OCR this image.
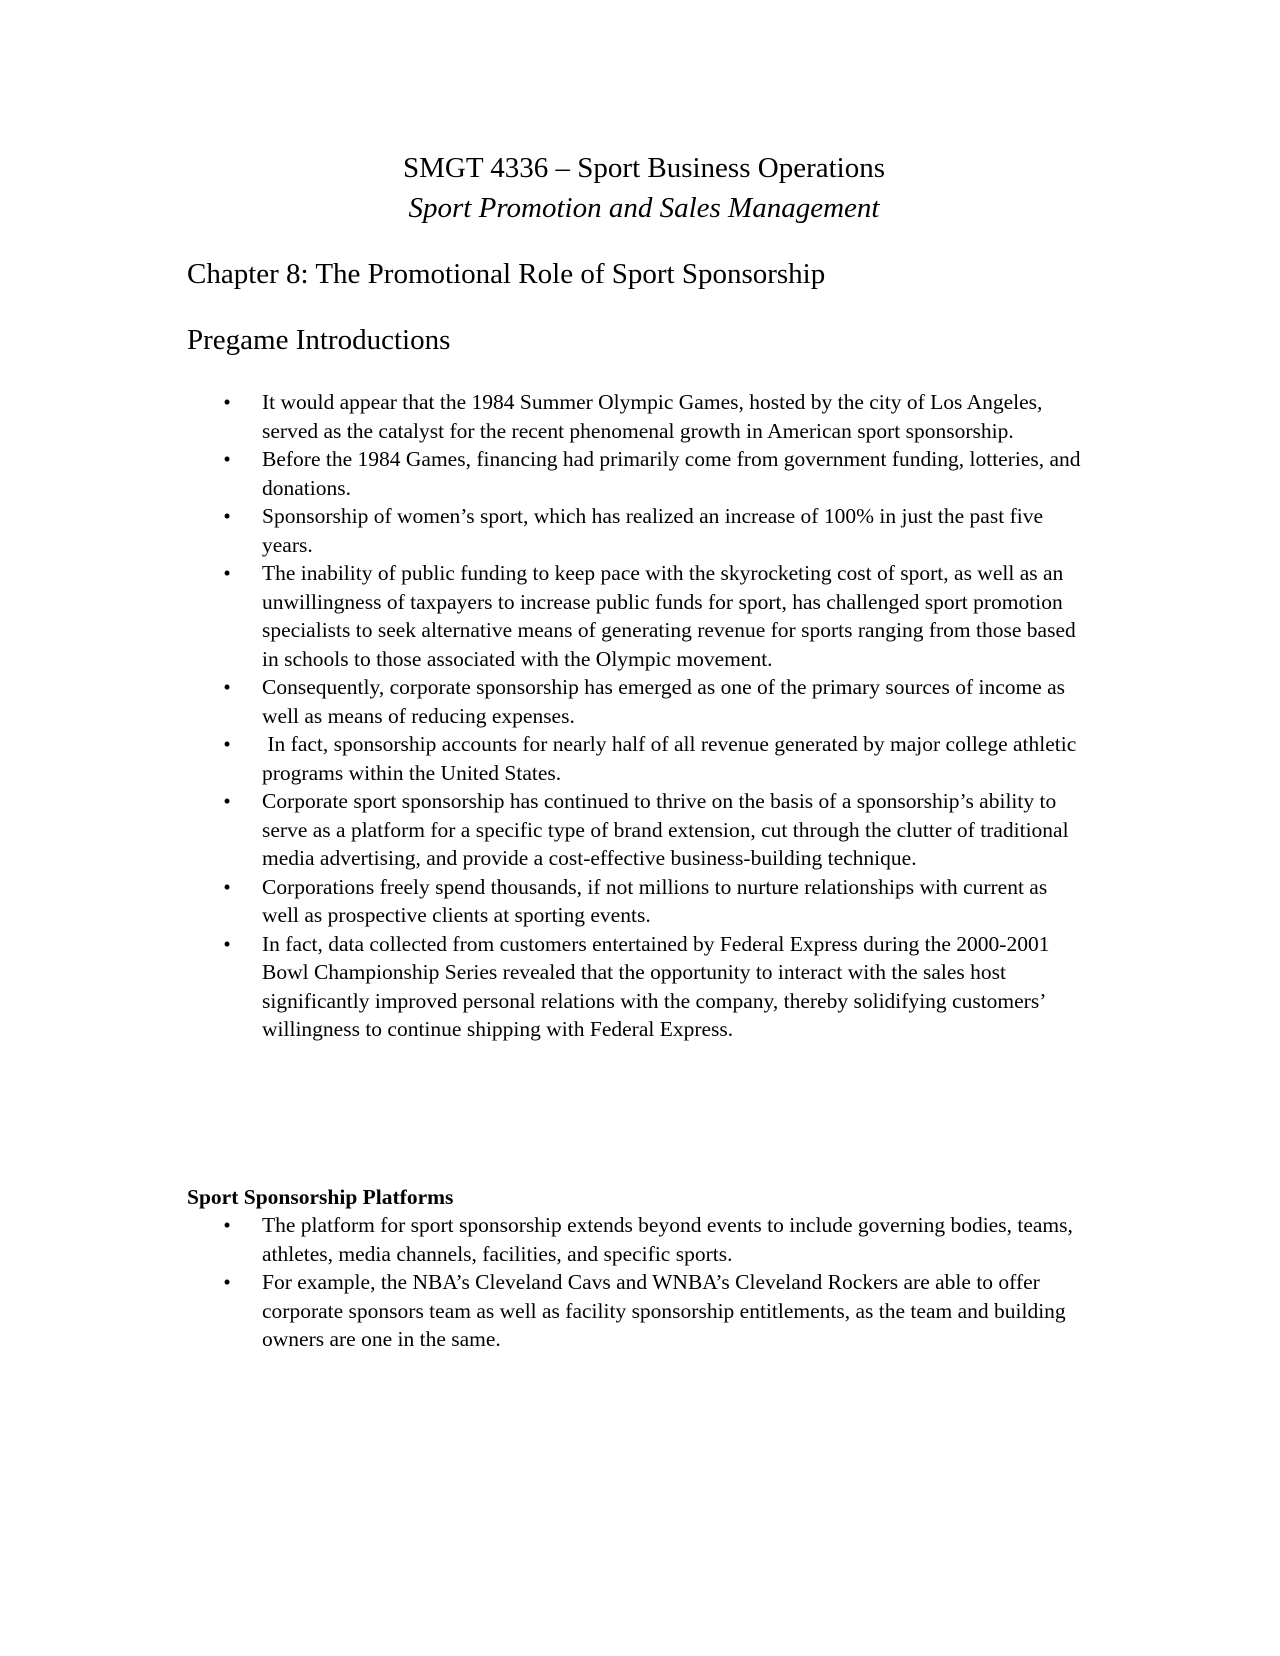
SMGT 4336 – Sport Business Operations

Sport Promotion and Sales Management

Chapter 8: The Promotional Role of Sport Sponsorship
Pregame Introductions
• It would appear that the 1984 Summer Olympic Games, hosted by the city of Los Angeles, served as the catalyst for the recent phenomenal growth in American sport sponsorship.
• Before the 1984 Games, financing had primarily come from government funding, lotteries, and donations.
• Sponsorship of women’s sport, which has realized an increase of 100% in just the past five years.
• The inability of public funding to keep pace with the skyrocketing cost of sport, as well as an unwillingness of taxpayers to increase public funds for sport, has challenged sport promotion specialists to seek alternative means of generating revenue for sports ranging from those based in schools to those associated with the Olympic movement.
• Consequently, corporate sponsorship has emerged as one of the primary sources of income as well as means of reducing expenses.
• In fact, sponsorship accounts for nearly half of all revenue generated by major college athletic programs within the United States.
• Corporate sport sponsorship has continued to thrive on the basis of a sponsorship’s ability to serve as a platform for a specific type of brand extension, cut through the clutter of traditional media advertising, and provide a cost-effective business-building technique.
• Corporations freely spend thousands, if not millions to nurture relationships with current as well as prospective clients at sporting events.
• In fact, data collected from customers entertained by Federal Express during the 2000-2001 Bowl Championship Series revealed that the opportunity to interact with the sales host significantly improved personal relations with the company, thereby solidifying customers’ willingness to continue shipping with Federal Express.
Sport Sponsorship Platforms
• The platform for sport sponsorship extends beyond events to include governing bodies, teams, athletes, media channels, facilities, and specific sports.
• For example, the NBA’s Cleveland Cavs and WNBA’s Cleveland Rockers are able to offer corporate sponsors team as well as facility sponsorship entitlements, as the team and building owners are one in the same.
